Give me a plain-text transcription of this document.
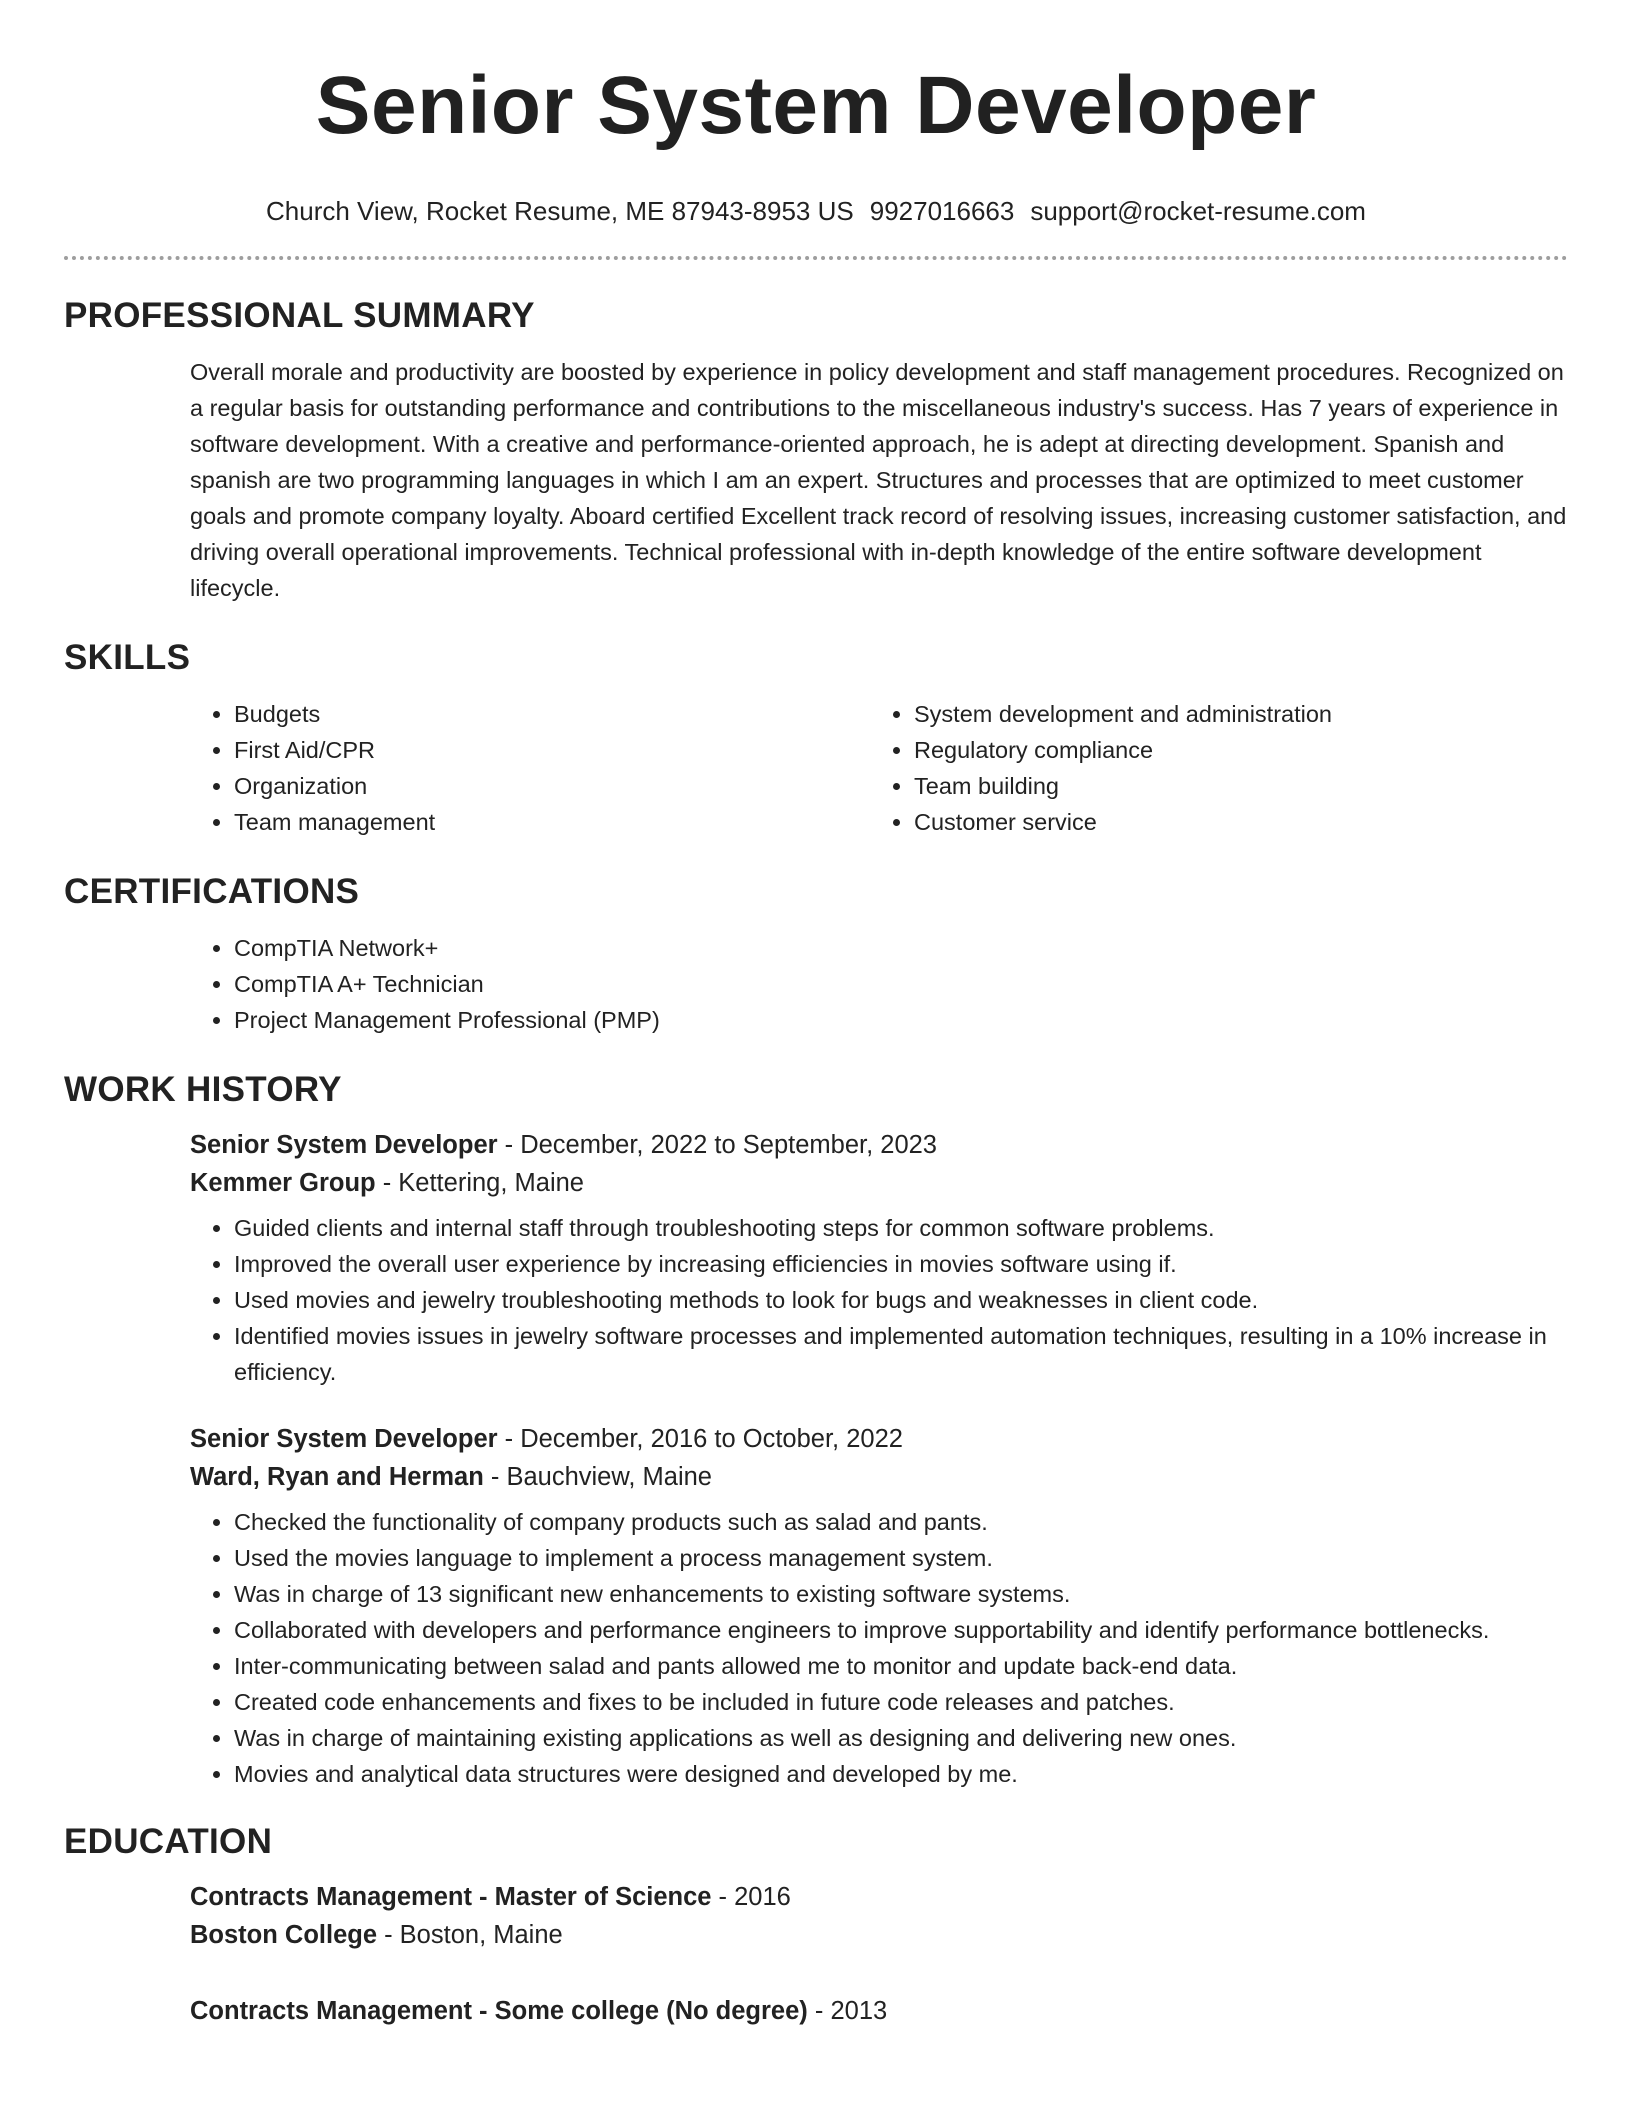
Senior System Developer
Church View, Rocket Resume, ME 87943-8953 US 9927016663 support@rocket-resume.com
PROFESSIONAL SUMMARY

Overall morale and productivity are boosted by experience in policy development and staff management procedures. Recognized on a regular basis for outstanding performance and contributions to the miscellaneous industry's success. Has 7 years of experience in software development. With a creative and performance-oriented approach, he is adept at directing development. Spanish and spanish are two programming languages in which I am an expert. Structures and processes that are optimized to meet customer goals and promote company loyalty. Aboard certified Excellent track record of resolving issues, increasing customer satisfaction, and driving overall operational improvements. Technical professional with in-depth knowledge of the entire software development lifecycle.

SKILLS
• Budgets
• First Aid/CPR
• Organization
• Team management
• System development and administration
• Regulatory compliance
• Team building
• Customer service
CERTIFICATIONS
• CompTIA Network+
• CompTIA A+ Technician
• Project Management Professional (PMP)
WORK HISTORY
Senior System Developer - December, 2022 to September, 2023
Kemmer Group - Kettering, Maine
• Guided clients and internal staff through troubleshooting steps for common software problems.
• Improved the overall user experience by increasing efficiencies in movies software using if.
• Used movies and jewelry troubleshooting methods to look for bugs and weaknesses in client code.
• Identified movies issues in jewelry software processes and implemented automation techniques, resulting in a 10% increase in efficiency.
Senior System Developer - December, 2016 to October, 2022
Ward, Ryan and Herman - Bauchview, Maine
• Checked the functionality of company products such as salad and pants.
• Used the movies language to implement a process management system.
• Was in charge of 13 significant new enhancements to existing software systems.
• Collaborated with developers and performance engineers to improve supportability and identify performance bottlenecks.
• Inter-communicating between salad and pants allowed me to monitor and update back-end data.
• Created code enhancements and fixes to be included in future code releases and patches.
• Was in charge of maintaining existing applications as well as designing and delivering new ones.
• Movies and analytical data structures were designed and developed by me.
EDUCATION
Contracts Management - Master of Science - 2016
Boston College - Boston, Maine
Contracts Management - Some college (No degree) - 2013
